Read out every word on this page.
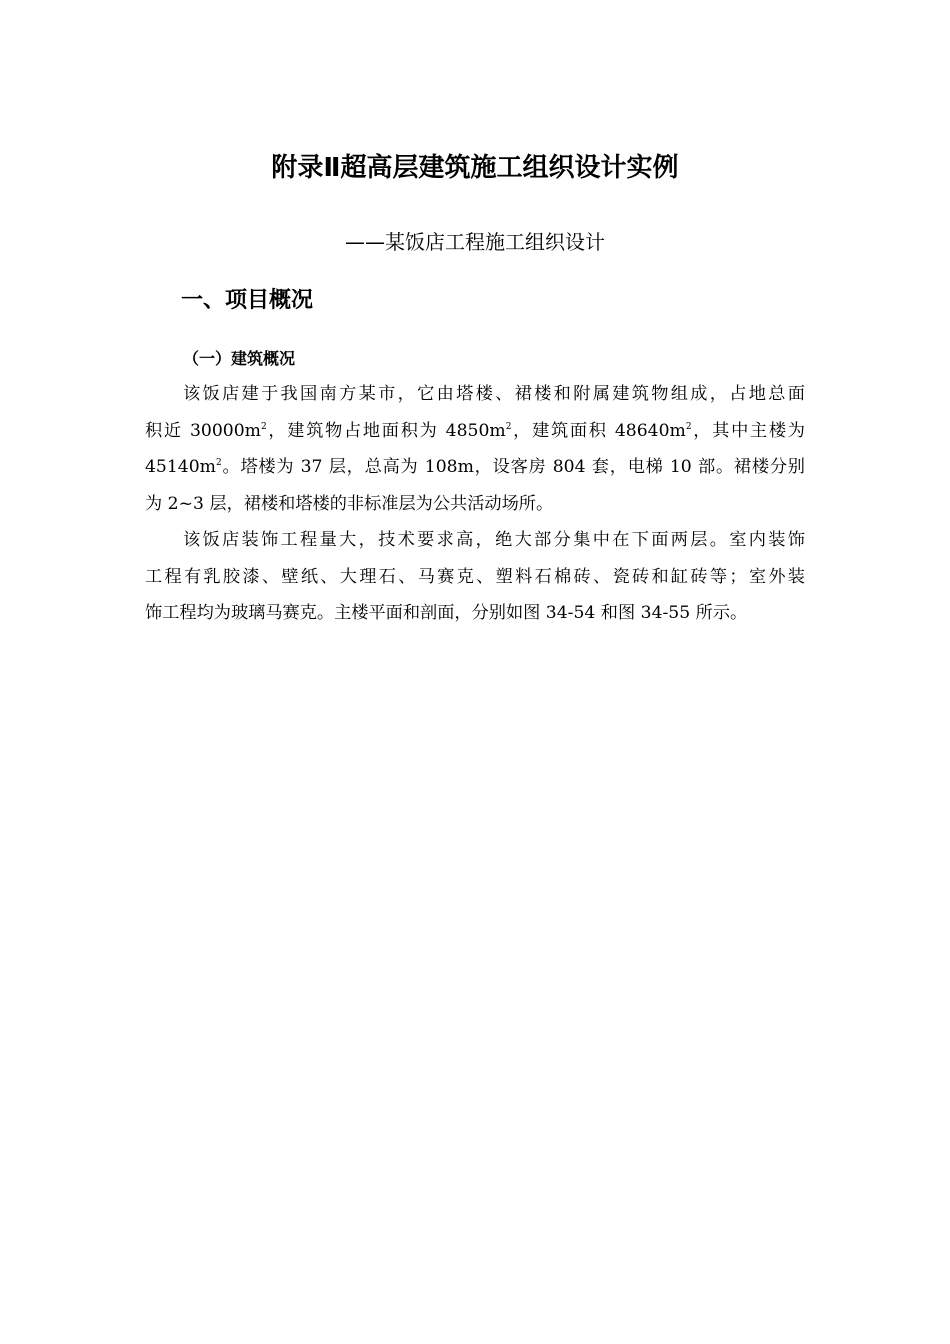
附录Ⅱ超高层建筑施工组织设计实例
——某饭店工程施工组织设计
一、项目概况
（一）建筑概况
该饭店建于我国南方某市，它由塔楼、裙楼和附属建筑物组成，占地总面
积近 $30000m^2$，建筑物占地面积为 $4850m^2$，建筑面积 $48640m^2$，其中主楼为
$45140m^2$。塔楼为 37 层，总高为 108m，设客房 804 套，电梯 10 部。裙楼分别
为 2~3 层，裙楼和塔楼的非标准层为公共活动场所。
该饭店装饰工程量大，技术要求高，绝大部分集中在下面两层。室内装饰
工程有乳胶漆、壁纸、大理石、马赛克、塑料石棉砖、瓷砖和缸砖等；室外装
饰工程均为玻璃马赛克。主楼平面和剖面，分别如图 34-54 和图 34-55 所示。
